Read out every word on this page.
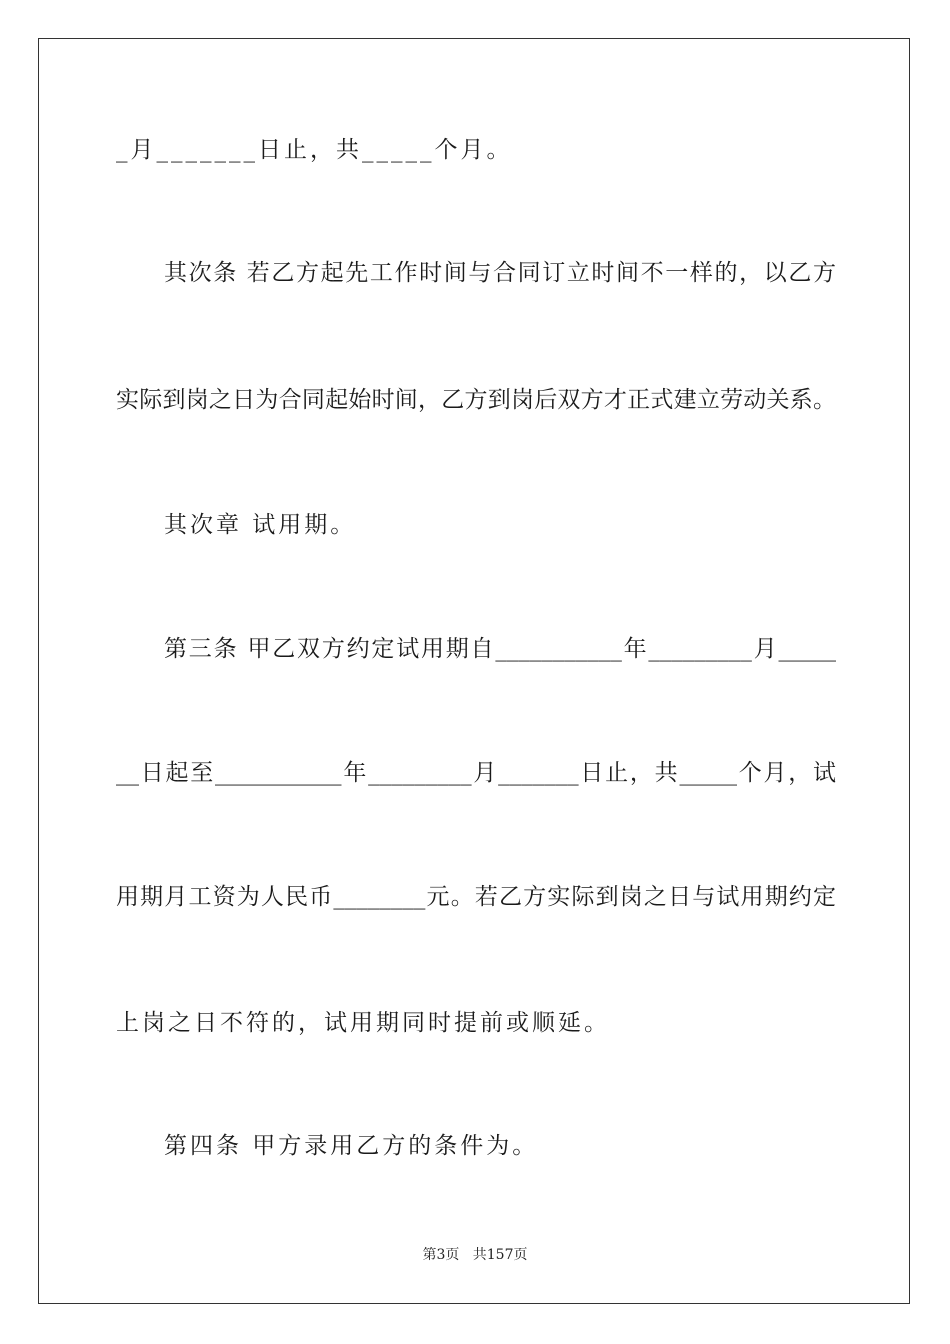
_月_______日止，共_____个月。
其次条 若乙方起先工作时间与合同订立时间不一样的，以乙方
实际到岗之日为合同起始时间，乙方到岗后双方才正式建立劳动关系。
其次章 试用期。
第三条 甲乙双方约定试用期自___________年_________月_____
__日起至___________年_________月_______日止，共_____个月，试
用期月工资为人民币________元。若乙方实际到岗之日与试用期约定
上岗之日不符的，试用期同时提前或顺延。
第四条 甲方录用乙方的条件为。
第3页   共157页
